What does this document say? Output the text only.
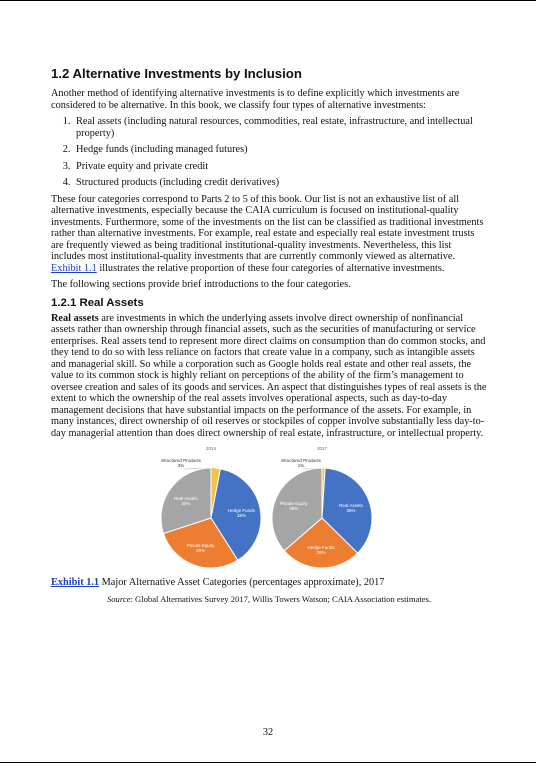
1.2 Alternative Investments by Inclusion

Another method of identifying alternative investments is to define explicitly which investments are considered to be alternative. In this book, we classify four types of alternative investments:

1. Real assets (including natural resources, commodities, real estate, infrastructure, and intellectual property)
2. Hedge funds (including managed futures)
3. Private equity and private credit
4. Structured products (including credit derivatives)

These four categories correspond to Parts 2 to 5 of this book. Our list is not an exhaustive list of all alternative investments, especially because the CAIA curriculum is focused on institutional-quality investments. Furthermore, some of the investments on the list can be classified as traditional investments rather than alternative investments. For example, real estate and especially real estate investment trusts are frequently viewed as being traditional institutional-quality investments. Nevertheless, this list includes most institutional-quality investments that are currently commonly viewed as alternative. Exhibit 1.1 illustrates the relative proportion of these four categories of alternative investments.

The following sections provide brief introductions to the four categories.

1.2.1 Real Assets

Real assets are investments in which the underlying assets involve direct ownership of nonfinancial assets rather than ownership through financial assets, such as the securities of manufacturing or service enterprises. Real assets tend to represent more direct claims on consumption than do common stocks, and they tend to do so with less reliance on factors that create value in a company, such as intangible assets and managerial skill. So while a corporation such as Google holds real estate and other real assets, the value to its common stock is highly reliant on perceptions of the ability of the firm’s management to oversee creation and sales of its goods and services. An aspect that distinguishes types of real assets is the extent to which the ownership of the real assets involves operational aspects, such as day-to-day management decisions that have substantial impacts on the performance of the assets. For example, in many instances, direct ownership of oil reserves or stockpiles of copper involve substantially less day-to-day managerial attention than does direct ownership of real estate, infrastructure, or intellectual property.

2014
Structured Products 3%
Hedge Funds 38%
Private Equity 29%
Real Assets 30%
2017
Structured Products 1%
Real Assets 36%
Hedge Funds 26%
Private Equity 36%

Exhibit 1.1 Major Alternative Asset Categories (percentages approximate), 2017

Source: Global Alternatives Survey 2017, Willis Towers Watson; CAIA Association estimates.

32
